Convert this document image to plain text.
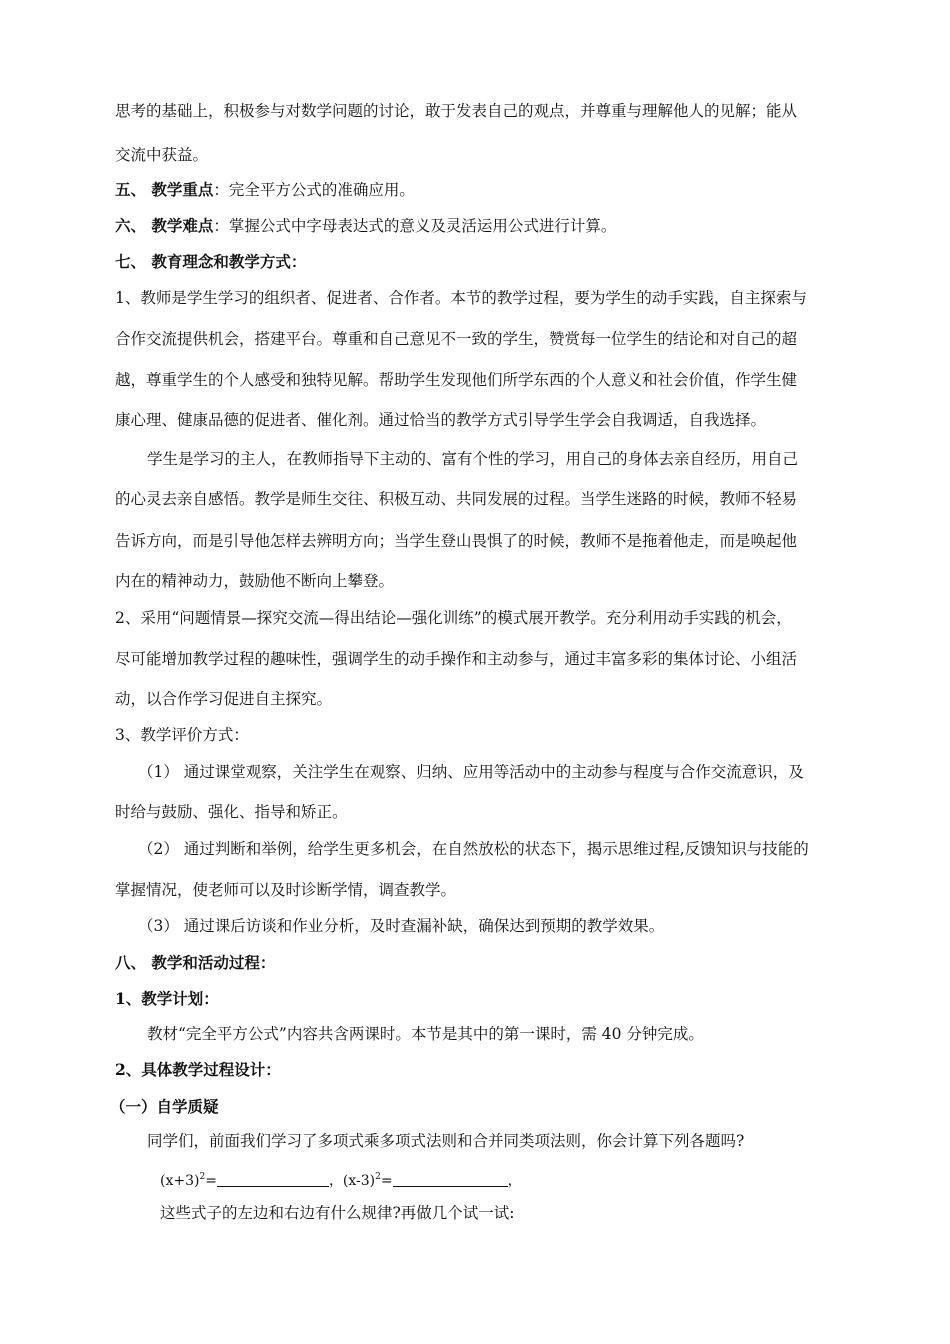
思考的基础上，积极参与对数学问题的讨论，敢于发表自己的观点，并尊重与理解他人的见解；能从
交流中获益。
五、 教学重点：完全平方公式的准确应用。
六、 教学难点：掌握公式中字母表达式的意义及灵活运用公式进行计算。
七、 教育理念和教学方式：
1、教师是学生学习的组织者、促进者、合作者。本节的教学过程，要为学生的动手实践，自主探索与
合作交流提供机会，搭建平台。尊重和自己意见不一致的学生，赞赏每一位学生的结论和对自己的超
越，尊重学生的个人感受和独特见解。帮助学生发现他们所学东西的个人意义和社会价值，作学生健
康心理、健康品德的促进者、催化剂。通过恰当的教学方式引导学生学会自我调适，自我选择。
学生是学习的主人，在教师指导下主动的、富有个性的学习，用自己的身体去亲自经历，用自己
的心灵去亲自感悟。教学是师生交往、积极互动、共同发展的过程。当学生迷路的时候，教师不轻易
告诉方向，而是引导他怎样去辨明方向；当学生登山畏惧了的时候，教师不是拖着他走，而是唤起他
内在的精神动力，鼓励他不断向上攀登。
2、采用“问题情景—探究交流—得出结论—强化训练”的模式展开教学。充分利用动手实践的机会，
尽可能增加教学过程的趣味性，强调学生的动手操作和主动参与，通过丰富多彩的集体讨论、小组活
动，以合作学习促进自主探究。
3、教学评价方式：
（1） 通过课堂观察，关注学生在观察、归纳、应用等活动中的主动参与程度与合作交流意识，及
时给与鼓励、强化、指导和矫正。
（2） 通过判断和举例，给学生更多机会，在自然放松的状态下，揭示思维过程,反馈知识与技能的
掌握情况，使老师可以及时诊断学情，调查教学。
（3） 通过课后访谈和作业分析，及时查漏补缺，确保达到预期的教学效果。
八、 教学和活动过程：
1、教学计划：
教材“完全平方公式”内容共含两课时。本节是其中的第一课时，需 40 分钟完成。
2、具体教学过程设计：
（一）自学质疑
同学们，前面我们学习了多项式乘多项式法则和合并同类项法则，你会计算下列各题吗?
$(x+3)^2=$	，$(x-3)^2=$	，
这些式子的左边和右边有什么规律?再做几个试一试:
